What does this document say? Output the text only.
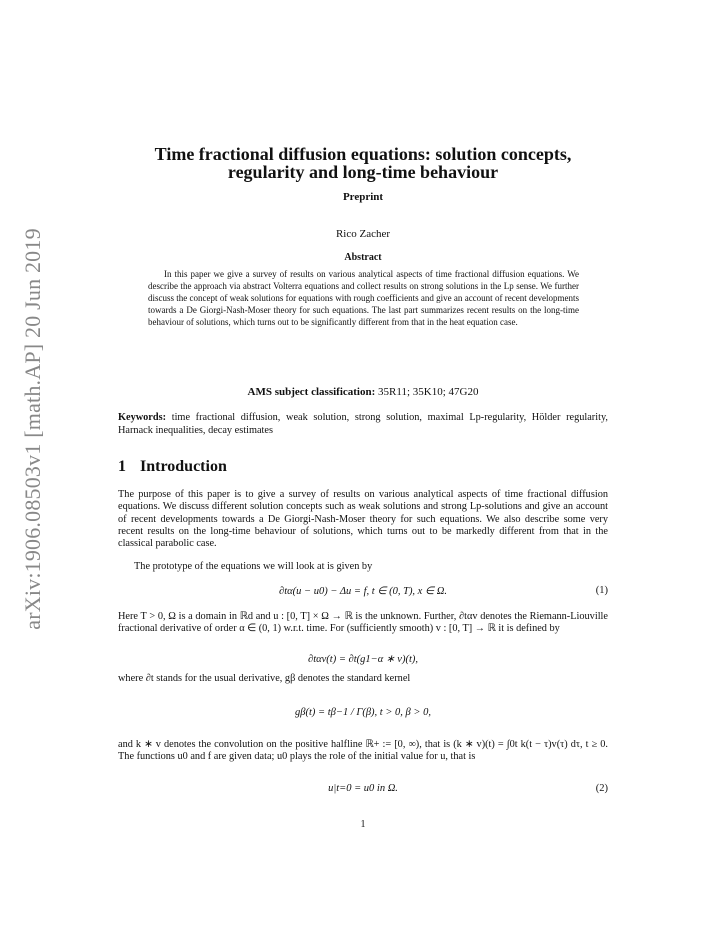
arXiv:1906.08503v1 [math.AP] 20 Jun 2019
Time fractional diffusion equations: solution concepts,
regularity and long-time behaviour
Preprint
Rico Zacher
Abstract
In this paper we give a survey of results on various analytical aspects of time fractional diffusion equations. We describe the approach via abstract Volterra equations and collect results on strong solutions in the Lp sense. We further discuss the concept of weak solutions for equations with rough coefficients and give an account of recent developments towards a De Giorgi-Nash-Moser theory for such equations. The last part summarizes recent results on the long-time behaviour of solutions, which turns out to be significantly different from that in the heat equation case.
AMS subject classification: 35R11; 35K10; 47G20
Keywords: time fractional diffusion, weak solution, strong solution, maximal Lp-regularity, Hölder regularity, Harnack inequalities, decay estimates
1 Introduction
The purpose of this paper is to give a survey of results on various analytical aspects of time fractional diffusion equations. We discuss different solution concepts such as weak solutions and strong Lp-solutions and give an account of recent developments towards a De Giorgi-Nash-Moser theory for such equations. We also describe some very recent results on the long-time behaviour of solutions, which turns out to be markedly different from that in the classical parabolic case.
The prototype of the equations we will look at is given by
∂tα(u − u0) − Δu = f, t ∈ (0, T), x ∈ Ω.	(1)
Here T > 0, Ω is a domain in ℝd and u : [0, T] × Ω → ℝ is the unknown. Further, ∂tαv denotes the Riemann-Liouville fractional derivative of order α ∈ (0, 1) w.r.t. time. For (sufficiently smooth) v : [0, T] → ℝ it is defined by
∂tαv(t) = ∂t(g1−α ∗ v)(t),
where ∂t stands for the usual derivative, gβ denotes the standard kernel
gβ(t) = tβ−1 / Γ(β), t > 0, β > 0,
and k ∗ v denotes the convolution on the positive halfline ℝ+ := [0, ∞), that is (k ∗ v)(t) = ∫0t k(t − τ)v(τ) dτ, t ≥ 0. The functions u0 and f are given data; u0 plays the role of the initial value for u, that is
u|t=0 = u0 in Ω.	(2)
1
